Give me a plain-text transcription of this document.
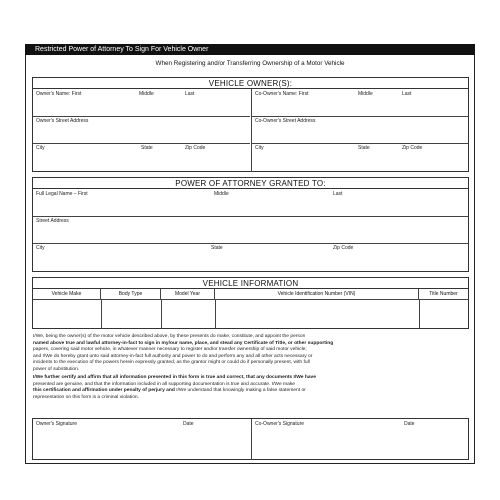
Restricted Power of Attorney To Sign For Vehicle Owner
When Registering and/or Transferring Ownership of a Motor Vehicle
VEHICLE OWNER(S):
Owner's Name: First	Middle	Last
Owner's Street Address
City	State	Zip Code
Co-Owner's Name: First	Middle	Last
Co-Owner's Street Address
City	State	Zip Code
POWER OF ATTORNEY GRANTED TO:
Full Legal Name – First	Middle	Last
Street Address
City	State	Zip Code
VEHICLE INFORMATION
Vehicle Make	Body Type	Model Year	Vehicle Identification Number (VIN)	Title Number
I/We, being the owner(s) of the motor vehicle described above, by these presents do make, constitute, and appoint the person
named above true and lawful attorney-in-fact to sign in my/our name, place, and stead any Certificate of Title, or other supporting
papers, covering said motor vehicle, in whatever manner necessary to register and/or transfer ownership of said motor vehicle;
and I/We do hereby grant unto said attorney-in-fact full authority and power to do and perform any and all other acts necessary or
incidents to the execution of the powers herein expressly granted, as the grantor might or could do if personally present, with full
power of substitution.
I/We further certify and affirm that all information presented in this form is true and correct, that any documents I/We have
presented are genuine, and that the information included in all supporting documentation is true and accurate. I/We make
this certification and affirmation under penalty of perjury and I/We understand that knowingly making a false statement or
representation on this form is a criminal violation.
Owner's Signature	Date	Co-Owner's Signature	Date
